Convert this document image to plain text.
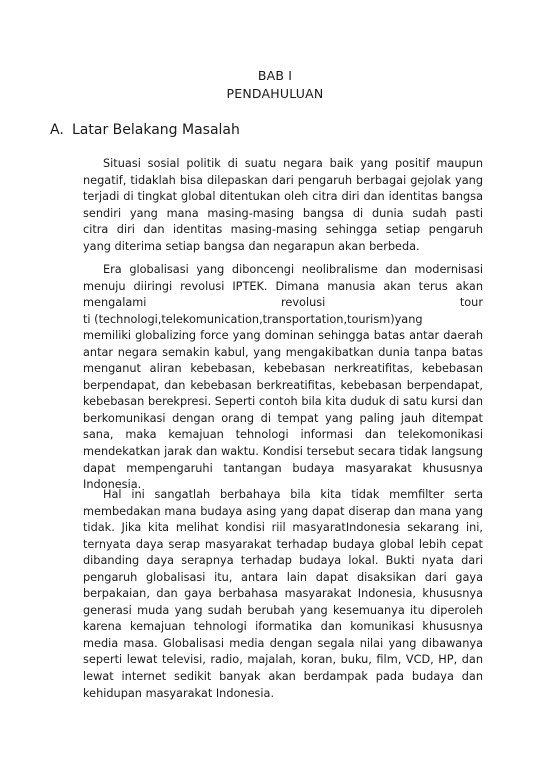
BAB I
PENDAHULUAN
A. Latar Belakang Masalah
Situasi sosial politik di suatu negara baik yang positif maupun
negatif, tidaklah bisa dilepaskan dari pengaruh berbagai gejolak yang
terjadi di tingkat global ditentukan oleh citra diri dan identitas bangsa
sendiri yang mana masing-masing bangsa di dunia sudah pasti
citra diri dan identitas masing-masing sehingga setiap pengaruh
yang diterima setiap bangsa dan negarapun akan berbeda.
Era globalisasi yang diboncengi neolibralisme dan modernisasi
menuju diiringi revolusi IPTEK. Dimana manusia akan terus akan
mengalami revolusi tour
ti (technologi,telekomunication,transportation,tourism)yang
memiliki globalizing force yang dominan sehingga batas antar daerah
antar negara semakin kabul, yang mengakibatkan dunia tanpa batas
menganut aliran kebebasan, kebebasan nerkreatifitas, kebebasan
berpendapat, dan kebebasan berkreatifitas, kebebasan berpendapat,
kebebasan berekpresi. Seperti contoh bila kita duduk di satu kursi dan
berkomunikasi dengan orang di tempat yang paling jauh ditempat
sana, maka kemajuan tehnologi informasi dan telekomonikasi
mendekatkan jarak dan waktu. Kondisi tersebut secara tidak langsung
dapat mempengaruhi tantangan budaya masyarakat khususnya
Indonesia.
Hal ini sangatlah berbahaya bila kita tidak memfilter serta
membedakan mana budaya asing yang dapat diserap dan mana yang
tidak. Jika kita melihat kondisi riil masyaratIndonesia sekarang ini,
ternyata daya serap masyarakat terhadap budaya global lebih cepat
dibanding daya serapnya terhadap budaya lokal. Bukti nyata dari
pengaruh globalisasi itu, antara lain dapat disaksikan dari gaya
berpakaian, dan gaya berbahasa masyarakat Indonesia, khususnya
generasi muda yang sudah berubah yang kesemuanya itu diperoleh
karena kemajuan tehnologi iformatika dan komunikasi khususnya
media masa. Globalisasi media dengan segala nilai yang dibawanya
seperti lewat televisi, radio, majalah, koran, buku, film, VCD, HP, dan
lewat internet sedikit banyak akan berdampak pada budaya dan
kehidupan masyarakat Indonesia.
